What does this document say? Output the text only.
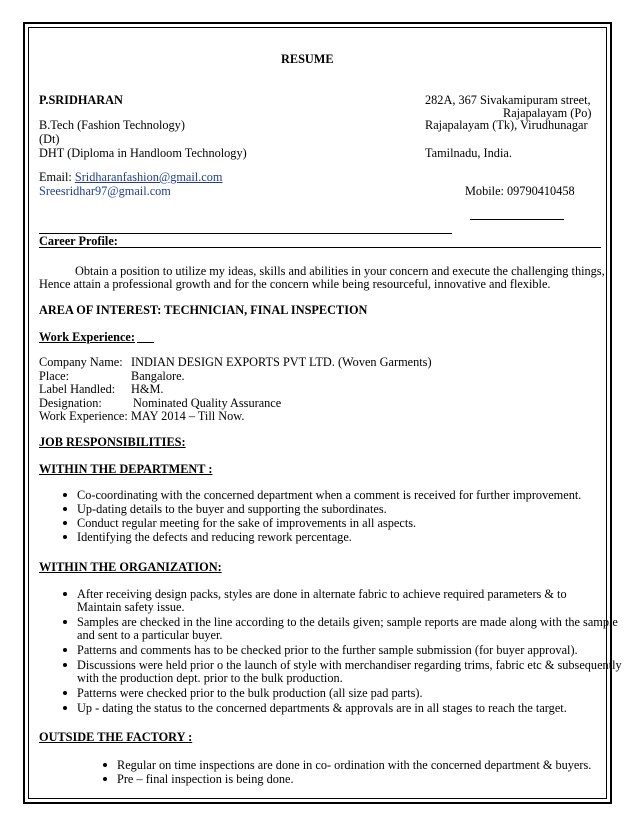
RESUME
P.SRIDHARAN
B.Tech (Fashion Technology)
(Dt)
DHT (Diploma in Handloom Technology)
Email: Sridharanfashion@gmail.com
Sreesridhar97@gmail.com
282A, 367 Sivakamipuram street,
Rajapalayam (Po)
Rajapalayam (Tk), Virudhunagar
Tamilnadu, India.
Mobile: 09790410458
Career Profile:
Obtain a position to utilize my ideas, skills and abilities in your concern and execute the challenging things,
Hence attain a professional growth and for the concern while being resourceful, innovative and flexible.
AREA OF INTEREST: TECHNICIAN, FINAL INSPECTION
Work Experience:
Company Name: INDIAN DESIGN EXPORTS PVT LTD. (Woven Garments)
Place:	Bangalore.
Label Handled: H&M.
Designation:	Nominated Quality Assurance
Work Experience: MAY 2014 – Till Now.
JOB RESPONSIBILITIES:
WITHIN THE DEPARTMENT :
Co-coordinating with the concerned department when a comment is received for further improvement.
Up-dating details to the buyer and supporting the subordinates.
Conduct regular meeting for the sake of improvements in all aspects.
Identifying the defects and reducing rework percentage.
WITHIN THE ORGANIZATION:
After receiving design packs, styles are done in alternate fabric to achieve required parameters & to
Maintain safety issue.
Samples are checked in the line according to the details given; sample reports are made along with the sample
and sent to a particular buyer.
Patterns and comments has to be checked prior to the further sample submission (for buyer approval).
Discussions were held prior o the launch of style with merchandiser regarding trims, fabric etc & subsequently
with the production dept. prior to the bulk production.
Patterns were checked prior to the bulk production (all size pad parts).
Up - dating the status to the concerned departments & approvals are in all stages to reach the target.
OUTSIDE THE FACTORY :
Regular on time inspections are done in co- ordination with the concerned department & buyers.
Pre – final inspection is being done.
